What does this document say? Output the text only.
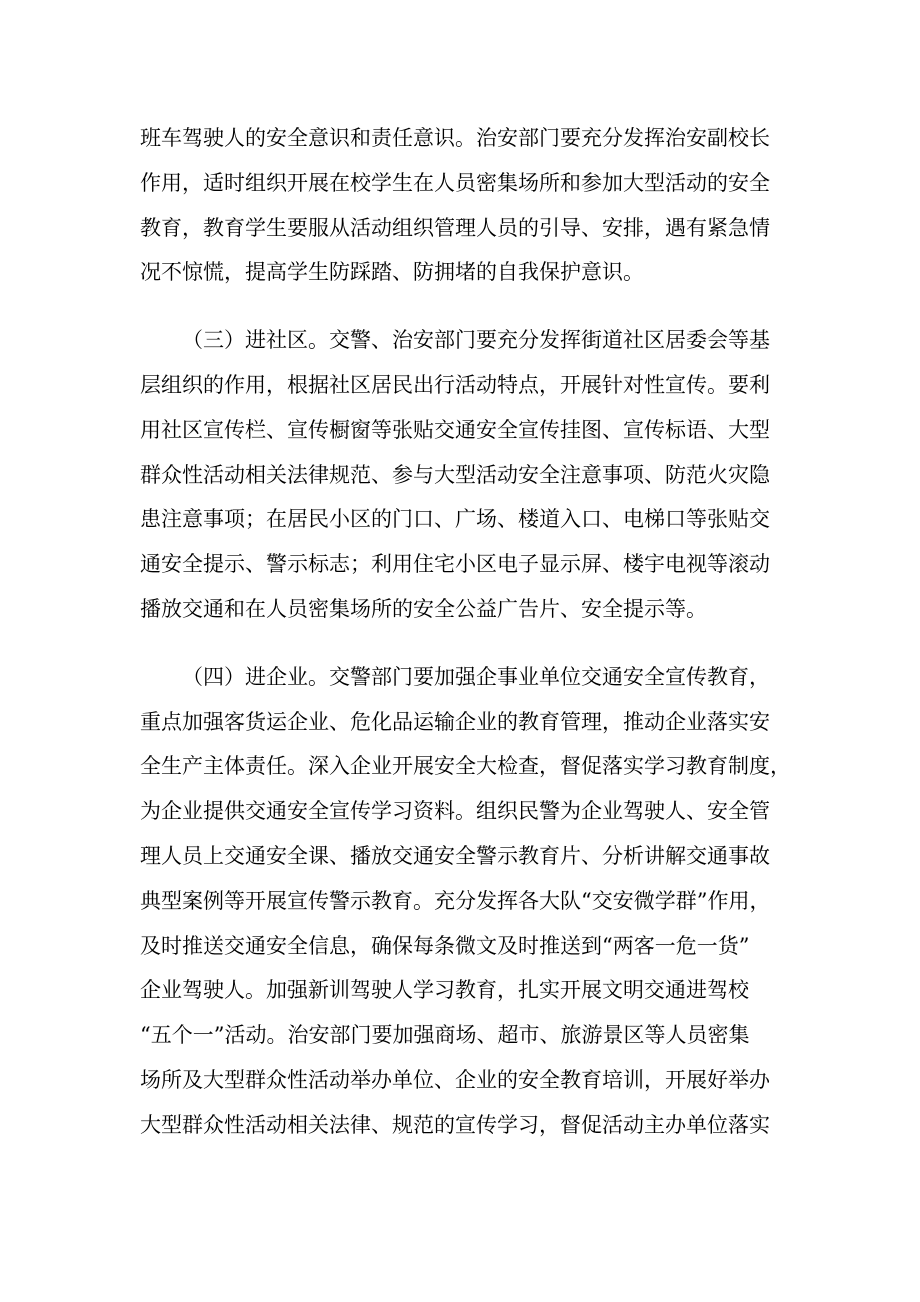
班车驾驶人的安全意识和责任意识。治安部门要充分发挥治安副校长
作用，适时组织开展在校学生在人员密集场所和参加大型活动的安全
教育，教育学生要服从活动组织管理人员的引导、安排，遇有紧急情
况不惊慌，提高学生防踩踏、防拥堵的自我保护意识。

（三）进社区。交警、治安部门要充分发挥街道社区居委会等基
层组织的作用，根据社区居民出行活动特点，开展针对性宣传。要利
用社区宣传栏、宣传橱窗等张贴交通安全宣传挂图、宣传标语、大型
群众性活动相关法律规范、参与大型活动安全注意事项、防范火灾隐
患注意事项；在居民小区的门口、广场、楼道入口、电梯口等张贴交
通安全提示、警示标志；利用住宅小区电子显示屏、楼宇电视等滚动
播放交通和在人员密集场所的安全公益广告片、安全提示等。

（四）进企业。交警部门要加强企事业单位交通安全宣传教育，
重点加强客货运企业、危化品运输企业的教育管理，推动企业落实安
全生产主体责任。深入企业开展安全大检查，督促落实学习教育制度，
为企业提供交通安全宣传学习资料。组织民警为企业驾驶人、安全管
理人员上交通安全课、播放交通安全警示教育片、分析讲解交通事故
典型案例等开展宣传警示教育。充分发挥各大队“交安微学群”作用，
及时推送交通安全信息，确保每条微文及时推送到“两客一危一货”
企业驾驶人。加强新训驾驶人学习教育，扎实开展文明交通进驾校
“五个一”活动。治安部门要加强商场、超市、旅游景区等人员密集
场所及大型群众性活动举办单位、企业的安全教育培训，开展好举办
大型群众性活动相关法律、规范的宣传学习，督促活动主办单位落实
